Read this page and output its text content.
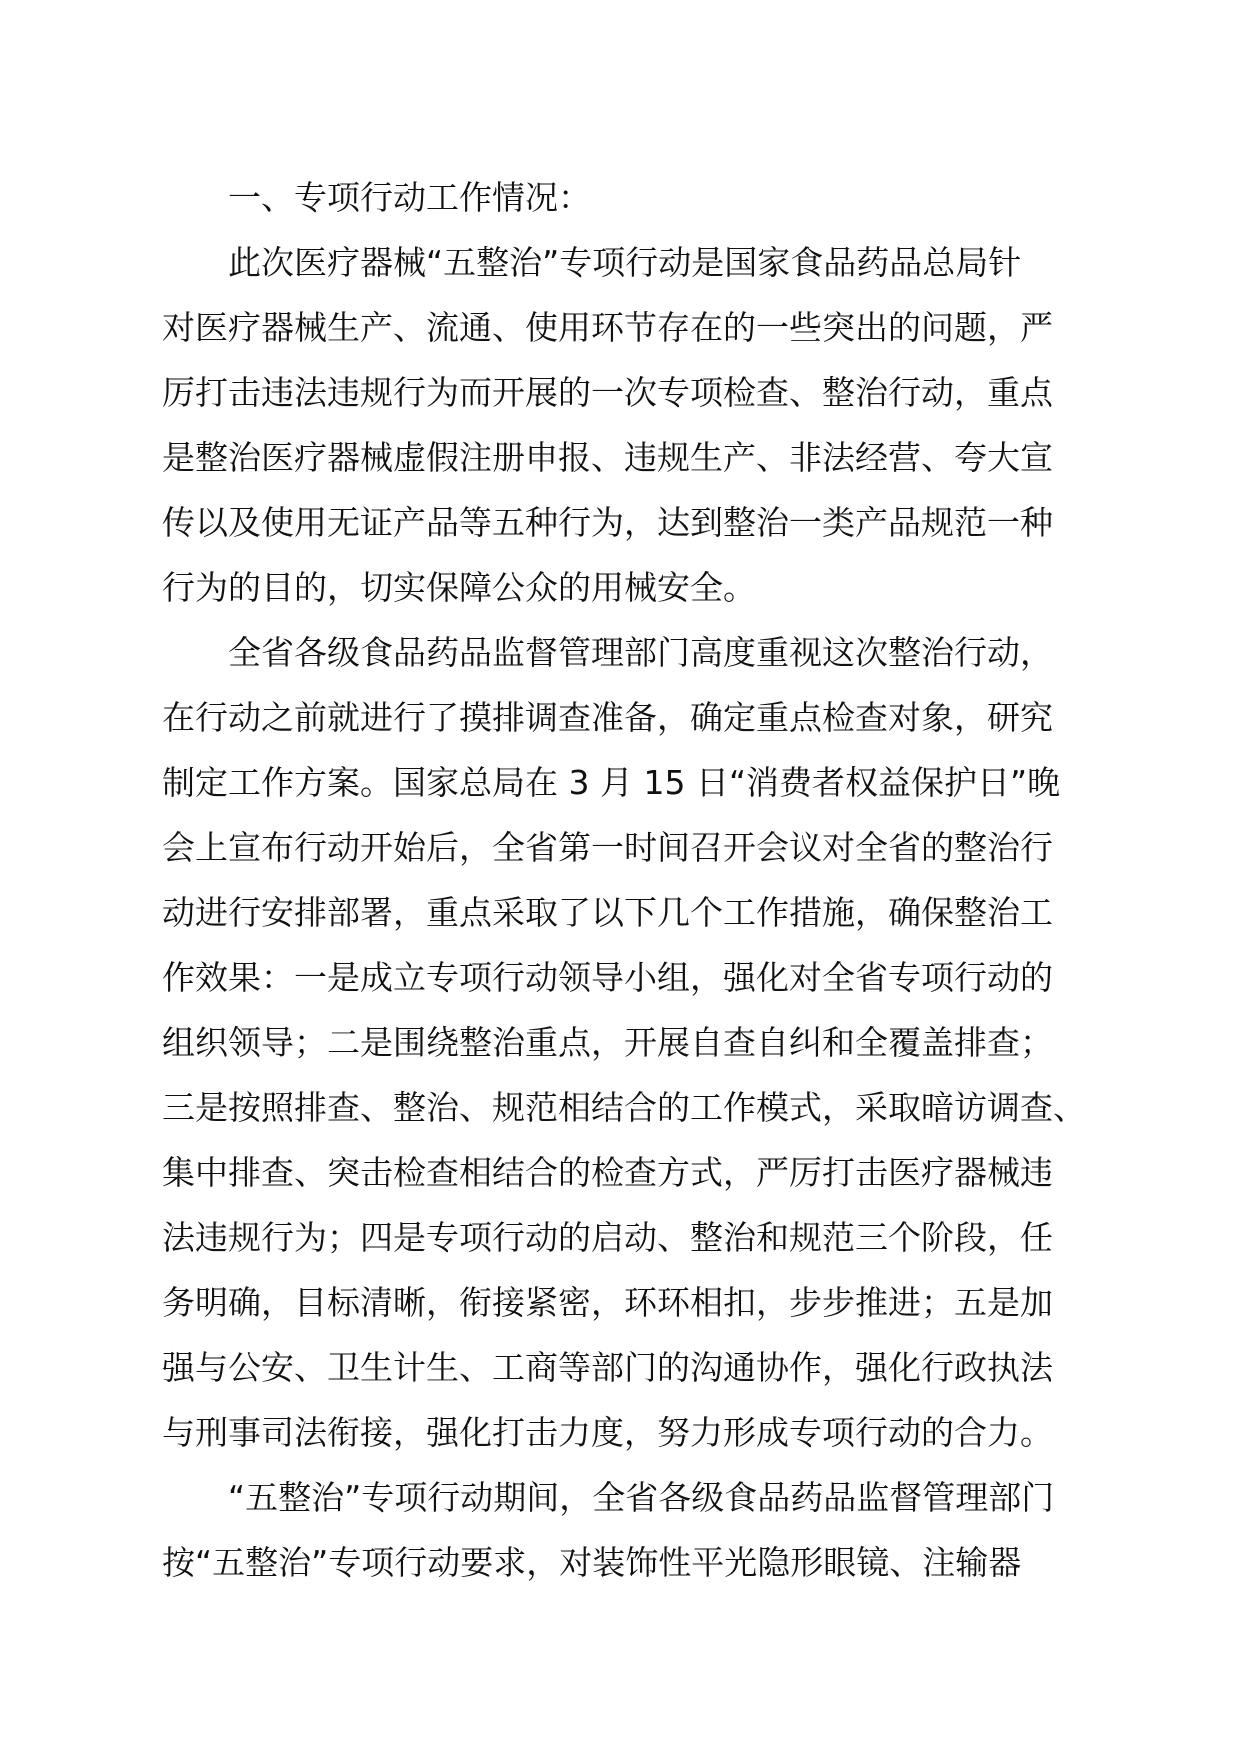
一、专项行动工作情况：
此次医疗器械“五整治”专项行动是国家食品药品总局针
对医疗器械生产、流通、使用环节存在的一些突出的问题，严
厉打击违法违规行为而开展的一次专项检查、整治行动，重点
是整治医疗器械虚假注册申报、违规生产、非法经营、夸大宣
传以及使用无证产品等五种行为，达到整治一类产品规范一种
行为的目的，切实保障公众的用械安全。
全省各级食品药品监督管理部门高度重视这次整治行动，
在行动之前就进行了摸排调查准备，确定重点检查对象，研究
制定工作方案。国家总局在 3 月 15 日“消费者权益保护日”晚
会上宣布行动开始后，全省第一时间召开会议对全省的整治行
动进行安排部署，重点采取了以下几个工作措施，确保整治工
作效果：一是成立专项行动领导小组，强化对全省专项行动的
组织领导；二是围绕整治重点，开展自查自纠和全覆盖排查；
三是按照排查、整治、规范相结合的工作模式，采取暗访调查、
集中排查、突击检查相结合的检查方式，严厉打击医疗器械违
法违规行为；四是专项行动的启动、整治和规范三个阶段，任
务明确，目标清晰，衔接紧密，环环相扣，步步推进；五是加
强与公安、卫生计生、工商等部门的沟通协作，强化行政执法
与刑事司法衔接，强化打击力度，努力形成专项行动的合力。
“五整治”专项行动期间，全省各级食品药品监督管理部门
按“五整治”专项行动要求，对装饰性平光隐形眼镜、注输器
